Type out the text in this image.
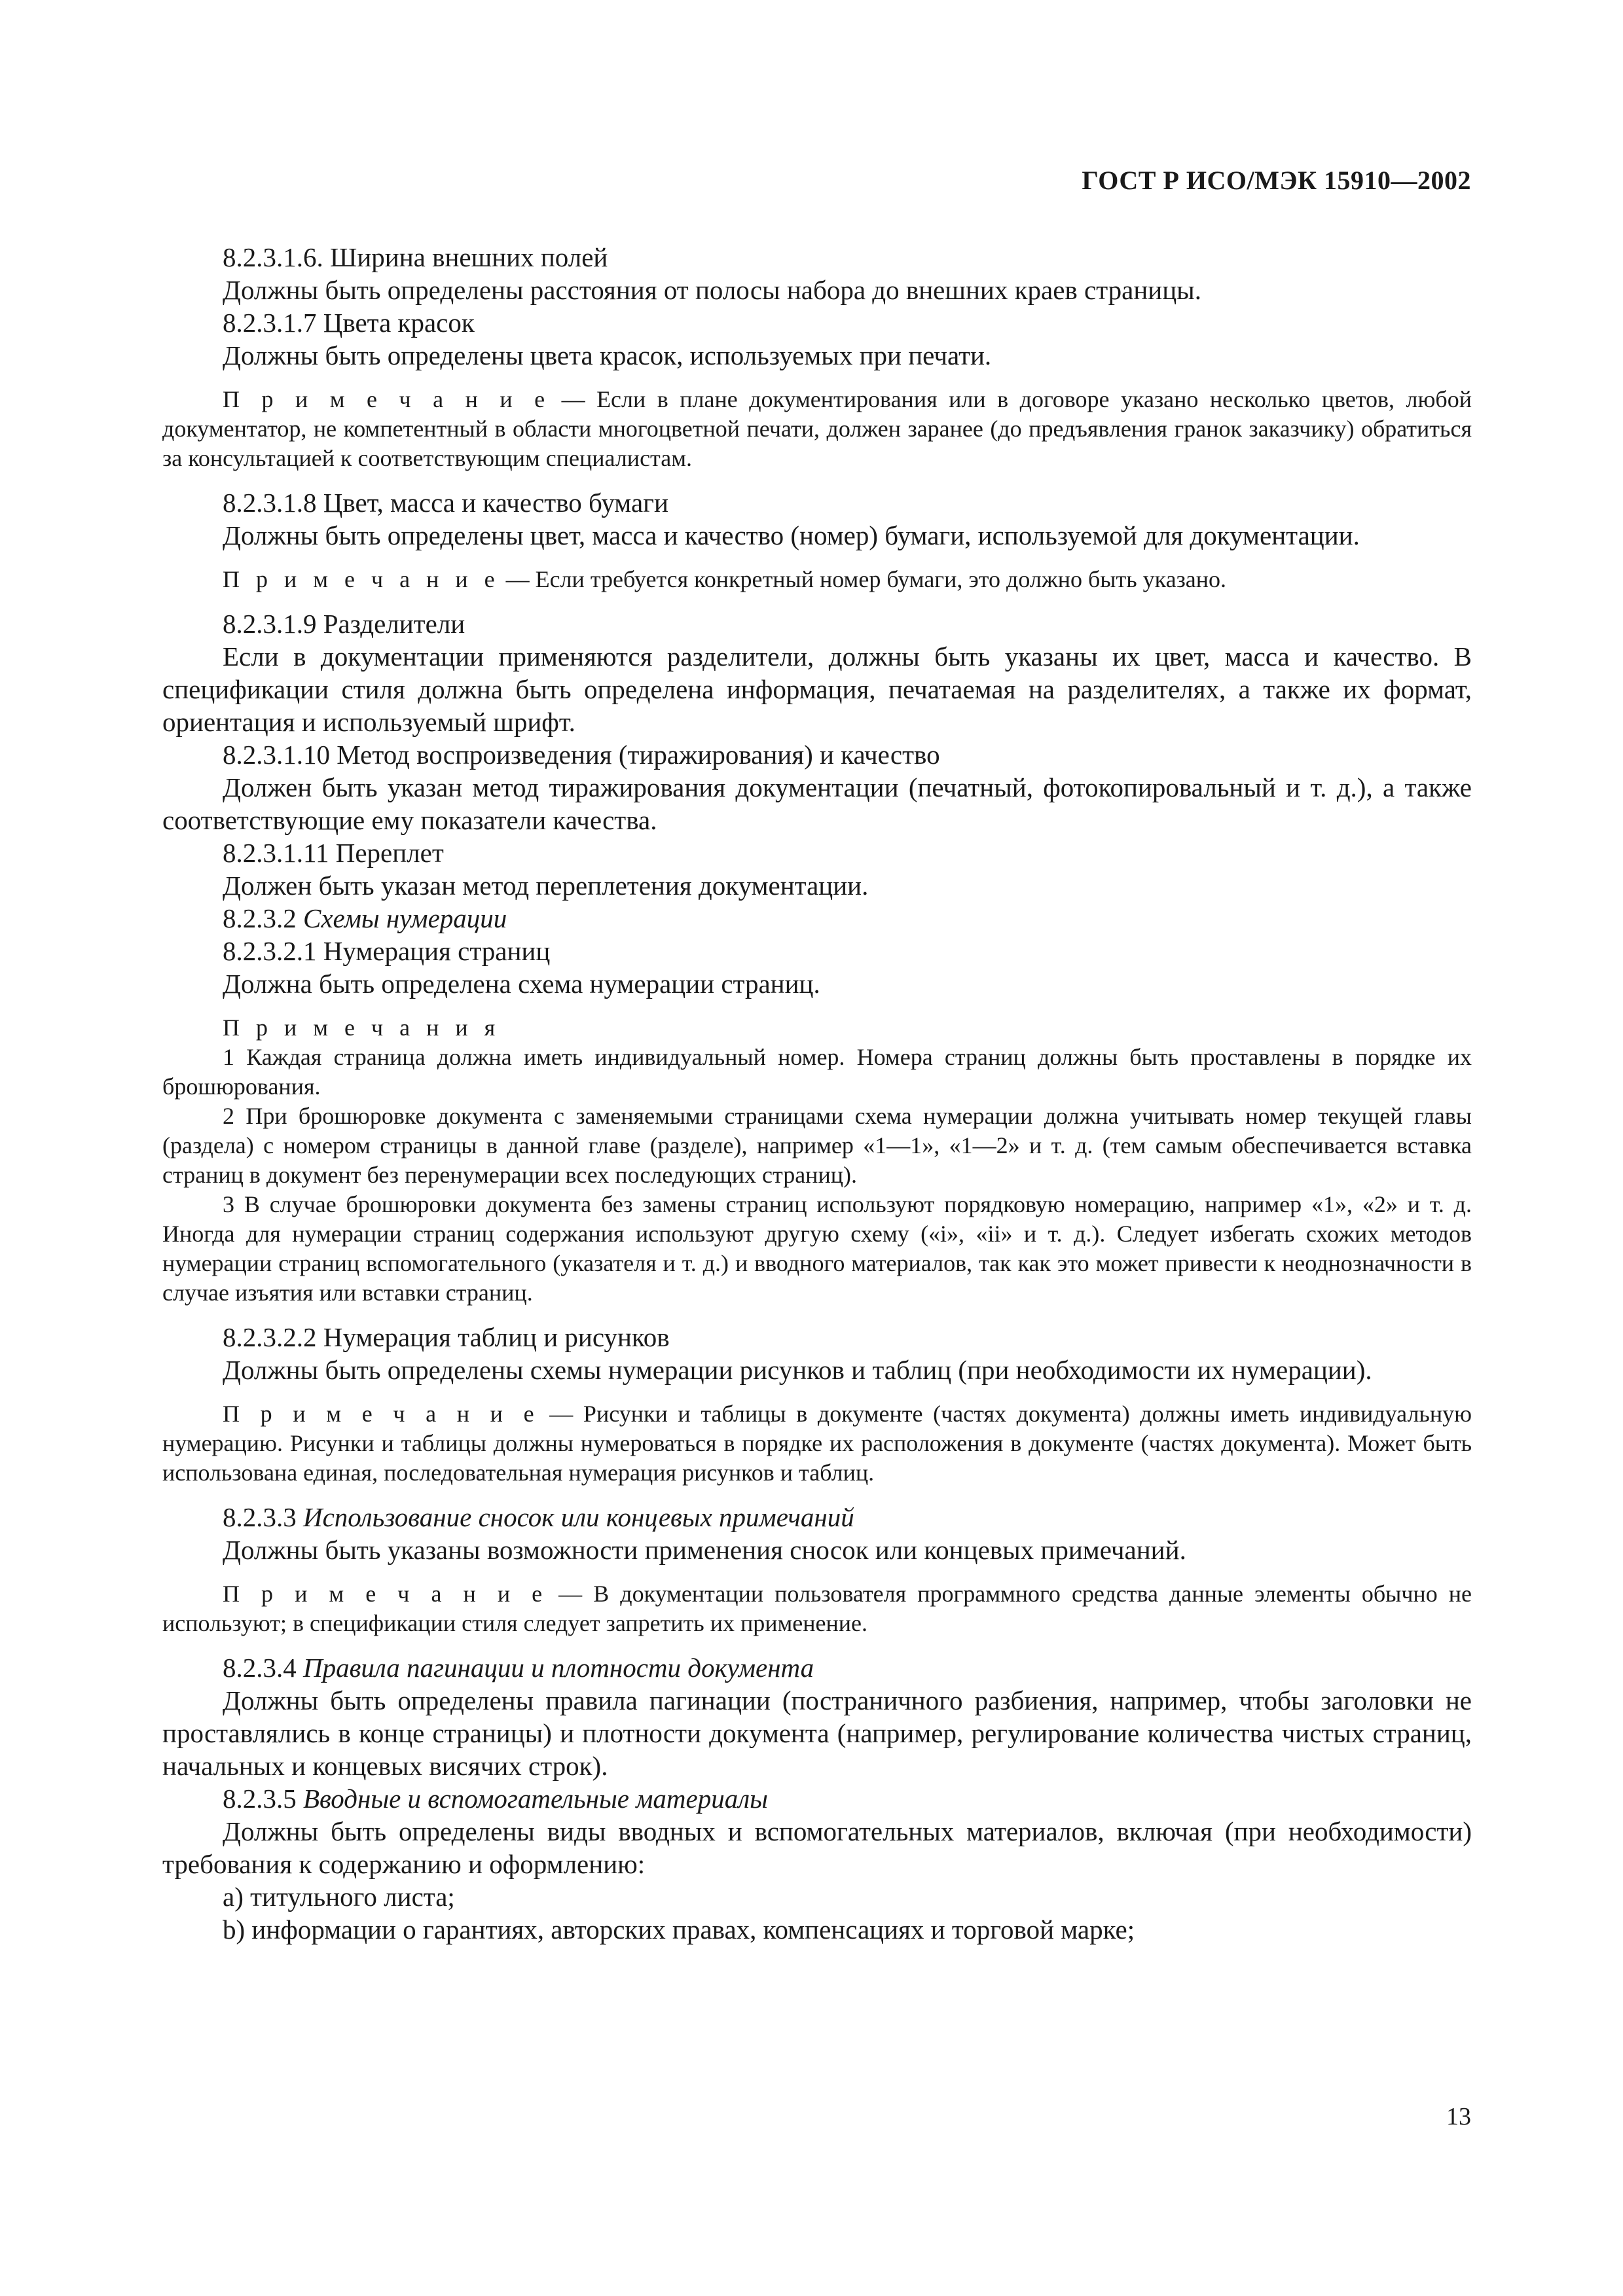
ГОСТ Р ИСО/МЭК 15910—2002

8.2.3.1.6. Ширина внешних полей

Должны быть определены расстояния от полосы набора до внешних краев страницы.

8.2.3.1.7 Цвета красок

Должны быть определены цвета красок, используемых при печати.

П р и м е ч а н и е — Если в плане документирования или в договоре указано несколько цветов, любой документатор, не компетентный в области многоцветной печати, должен заранее (до предъявления гранок заказчику) обратиться за консультацией к соответствующим специалистам.

8.2.3.1.8 Цвет, масса и качество бумаги

Должны быть определены цвет, масса и качество (номер) бумаги, используемой для документации.

П р и м е ч а н и е — Если требуется конкретный номер бумаги, это должно быть указано.

8.2.3.1.9 Разделители

Если в документации применяются разделители, должны быть указаны их цвет, масса и качество. В спецификации стиля должна быть определена информация, печатаемая на разделителях, а также их формат, ориентация и используемый шрифт.

8.2.3.1.10 Метод воспроизведения (тиражирования) и качество

Должен быть указан метод тиражирования документации (печатный, фотокопировальный и т. д.), а также соответствующие ему показатели качества.

8.2.3.1.11 Переплет

Должен быть указан метод переплетения документации.

8.2.3.2 Схемы нумерации

8.2.3.2.1 Нумерация страниц

Должна быть определена схема нумерации страниц.

П р и м е ч а н и я

1 Каждая страница должна иметь индивидуальный номер. Номера страниц должны быть проставлены в порядке их брошюрования.

2 При брошюровке документа с заменяемыми страницами схема нумерации должна учитывать номер текущей главы (раздела) с номером страницы в данной главе (разделе), например «1—1», «1—2» и т. д. (тем самым обеспечивается вставка страниц в документ без перенумерации всех последующих страниц).

3 В случае брошюровки документа без замены страниц используют порядковую номерацию, например «1», «2» и т. д. Иногда для нумерации страниц содержания используют другую схему («i», «ii» и т. д.). Следует избегать схожих методов нумерации страниц вспомогательного (указателя и т. д.) и вводного материалов, так как это может привести к неоднозначности в случае изъятия или вставки страниц.

8.2.3.2.2 Нумерация таблиц и рисунков

Должны быть определены схемы нумерации рисунков и таблиц (при необходимости их нумерации).

П р и м е ч а н и е — Рисунки и таблицы в документе (частях документа) должны иметь индивидуальную нумерацию. Рисунки и таблицы должны нумероваться в порядке их расположения в документе (частях документа). Может быть использована единая, последовательная нумерация рисунков и таблиц.

8.2.3.3 Использование сносок или концевых примечаний

Должны быть указаны возможности применения сносок или концевых примечаний.

П р и м е ч а н и е — В документации пользователя программного средства данные элементы обычно не используют; в спецификации стиля следует запретить их применение.

8.2.3.4 Правила пагинации и плотности документа

Должны быть определены правила пагинации (постраничного разбиения, например, чтобы заголовки не проставлялись в конце страницы) и плотности документа (например, регулирование количества чистых страниц, начальных и концевых висячих строк).

8.2.3.5 Вводные и вспомогательные материалы

Должны быть определены виды вводных и вспомогательных материалов, включая (при необходимости) требования к содержанию и оформлению:

a) титульного листа;

b) информации о гарантиях, авторских правах, компенсациях и торговой марке;

13
